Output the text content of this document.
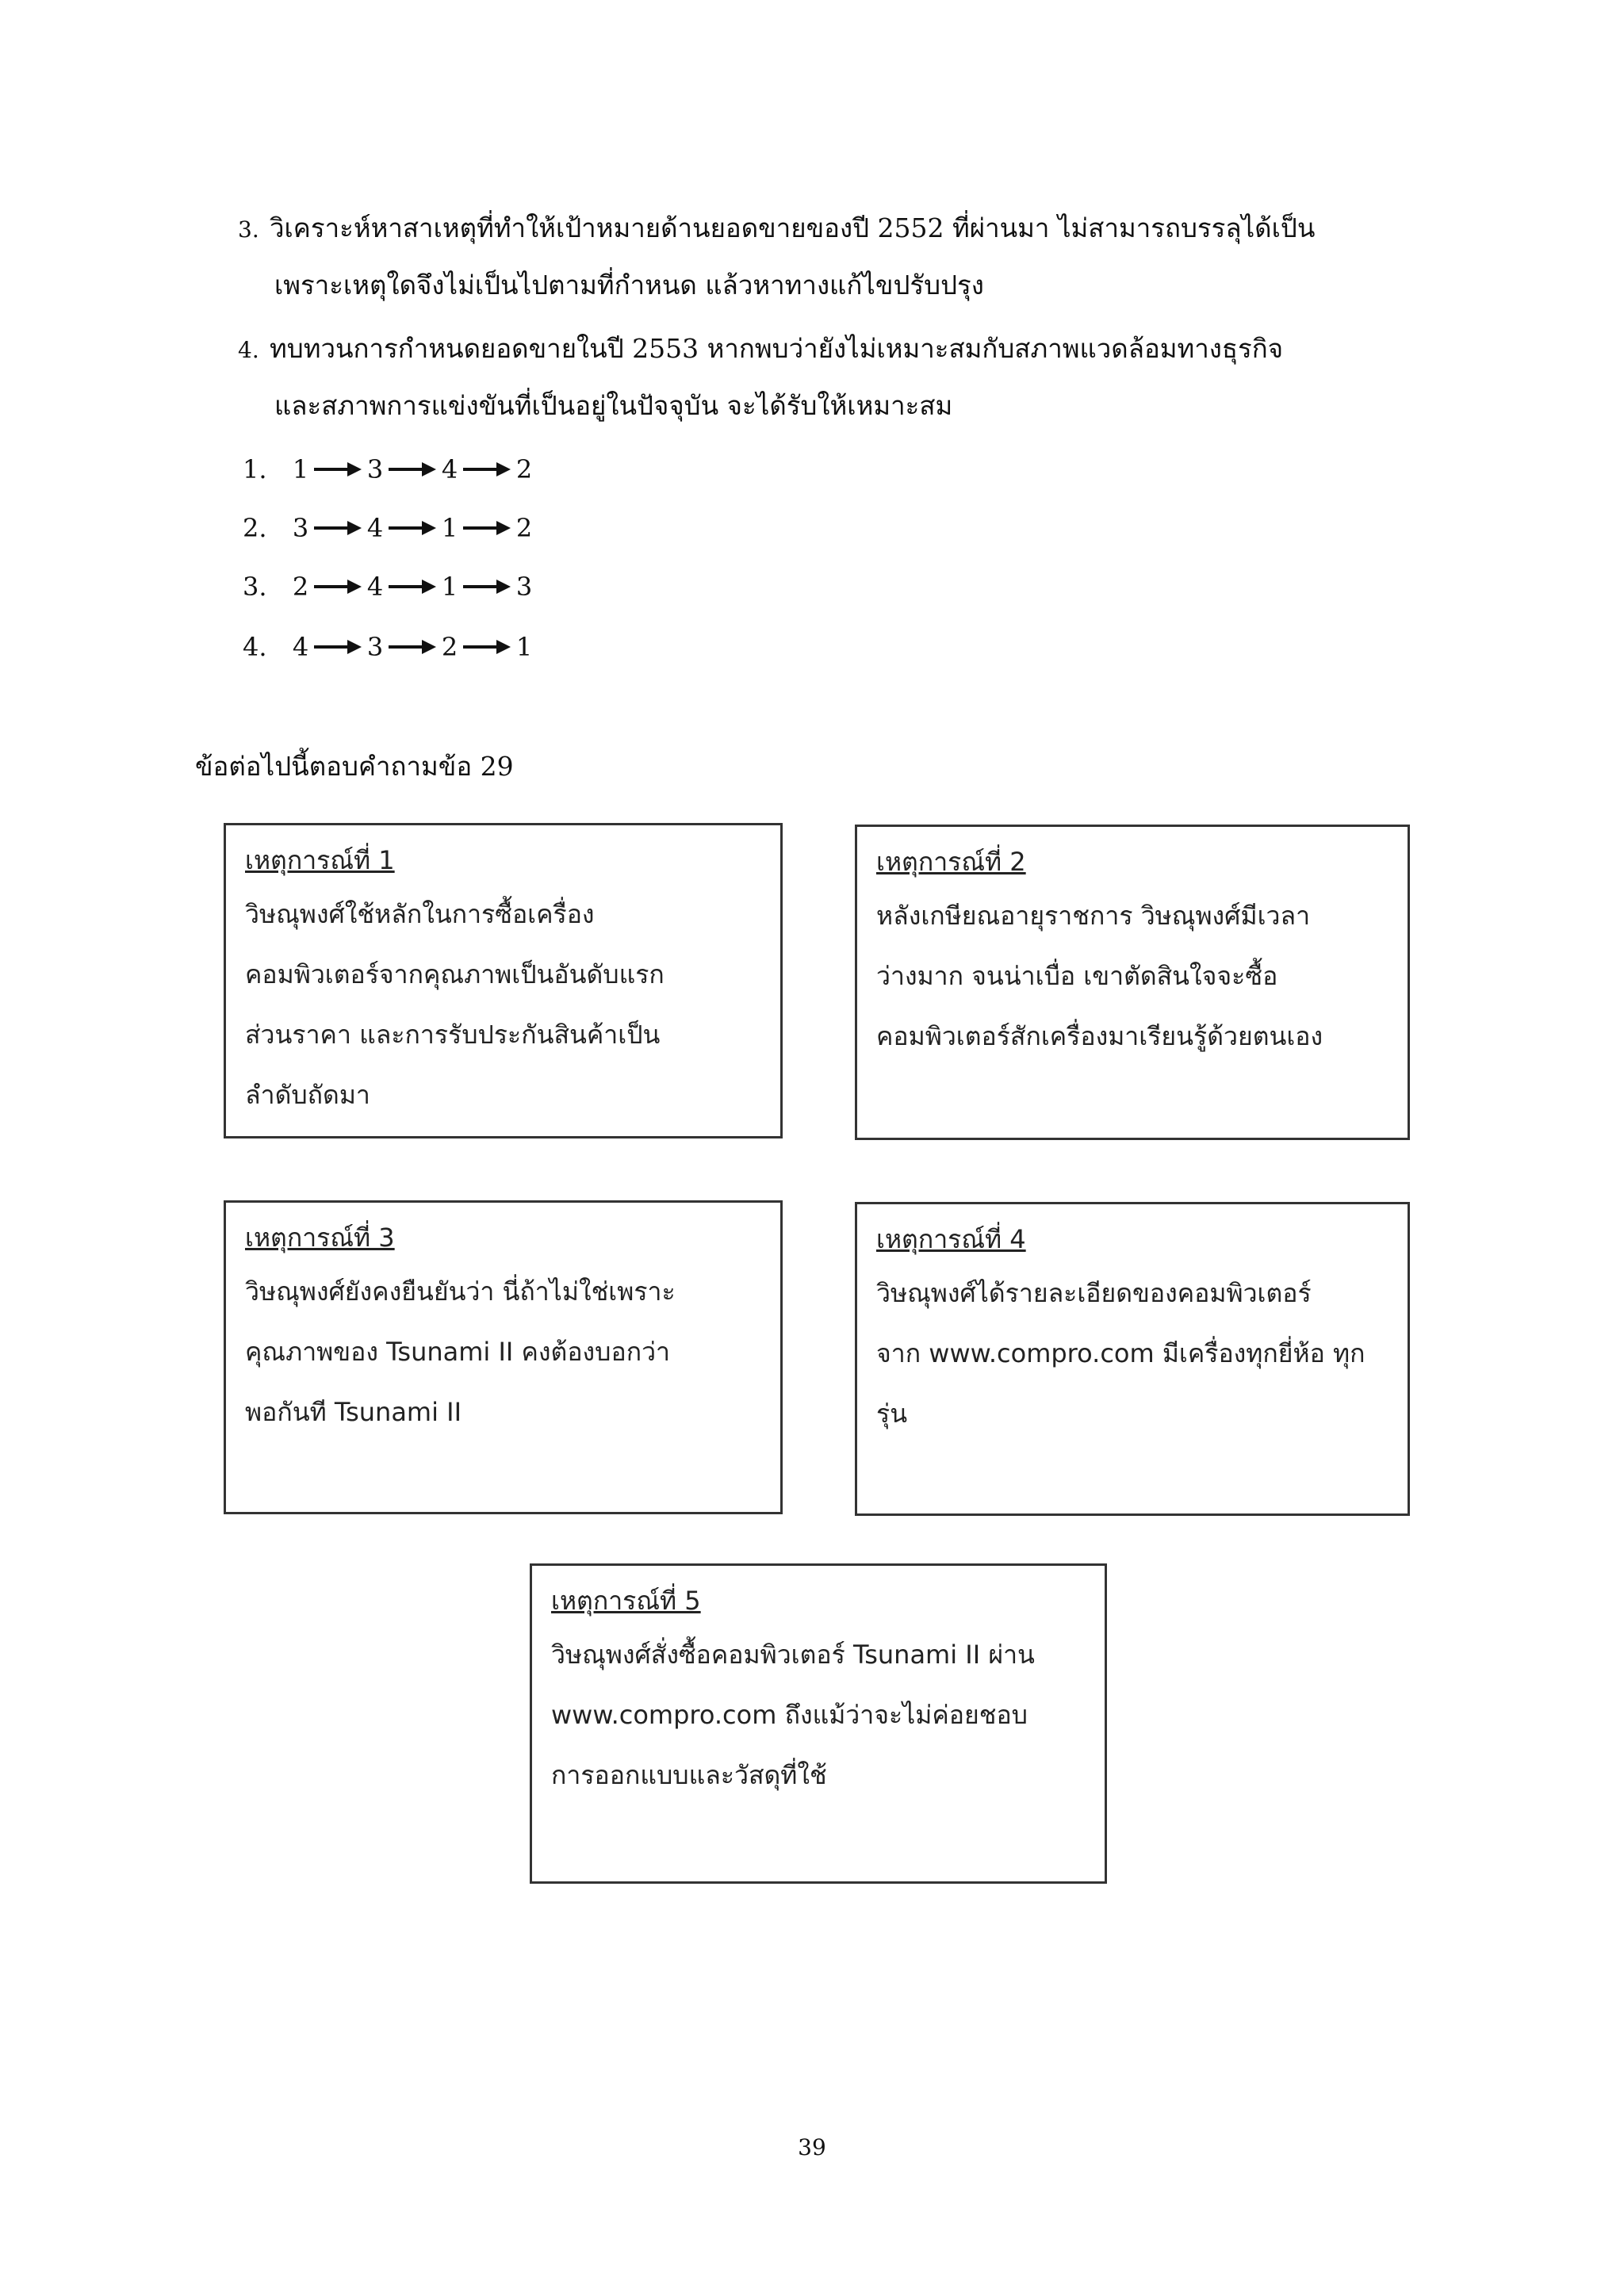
3. วิเคราะห์หาสาเหตุที่ทำให้เป้าหมายด้านยอดขายของปี 2552 ที่ผ่านมา ไม่สามารถบรรลุได้เป็น
เพราะเหตุใดจึงไม่เป็นไปตามที่กำหนด แล้วหาทางแก้ไขปรับปรุง
4. ทบทวนการกำหนดยอดขายในปี 2553 หากพบว่ายังไม่เหมาะสมกับสภาพแวดล้อมทางธุรกิจ
และสภาพการแข่งขันที่เป็นอยู่ในปัจจุบัน จะได้รับให้เหมาะสม
1.	1 3 4 2
2.	3 4 1 2
3.	2 4 1 3
4.	4 3 2 1
ข้อต่อไปนี้ตอบคำถามข้อ 29
เหตุการณ์ที่ 1
วิษณุพงศ์ใช้หลักในการซื้อเครื่อง
คอมพิวเตอร์จากคุณภาพเป็นอันดับแรก
ส่วนราคา และการรับประกันสินค้าเป็น
ลำดับถัดมา
เหตุการณ์ที่ 2
หลังเกษียณอายุราชการ วิษณุพงศ์มีเวลา
ว่างมาก จนน่าเบื่อ เขาตัดสินใจจะซื้อ
คอมพิวเตอร์สักเครื่องมาเรียนรู้ด้วยตนเอง
เหตุการณ์ที่ 3
วิษณุพงศ์ยังคงยืนยันว่า นี่ถ้าไม่ใช่เพราะ
คุณภาพของ Tsunami II คงต้องบอกว่า
พอกันที Tsunami II
เหตุการณ์ที่ 4
วิษณุพงศ์ได้รายละเอียดของคอมพิวเตอร์
จาก www.compro.com มีเครื่องทุกยี่ห้อ ทุก
รุ่น
เหตุการณ์ที่ 5
วิษณุพงศ์สั่งซื้อคอมพิวเตอร์ Tsunami II ผ่าน
www.compro.com ถึงแม้ว่าจะไม่ค่อยชอบ
การออกแบบและวัสดุที่ใช้
39
